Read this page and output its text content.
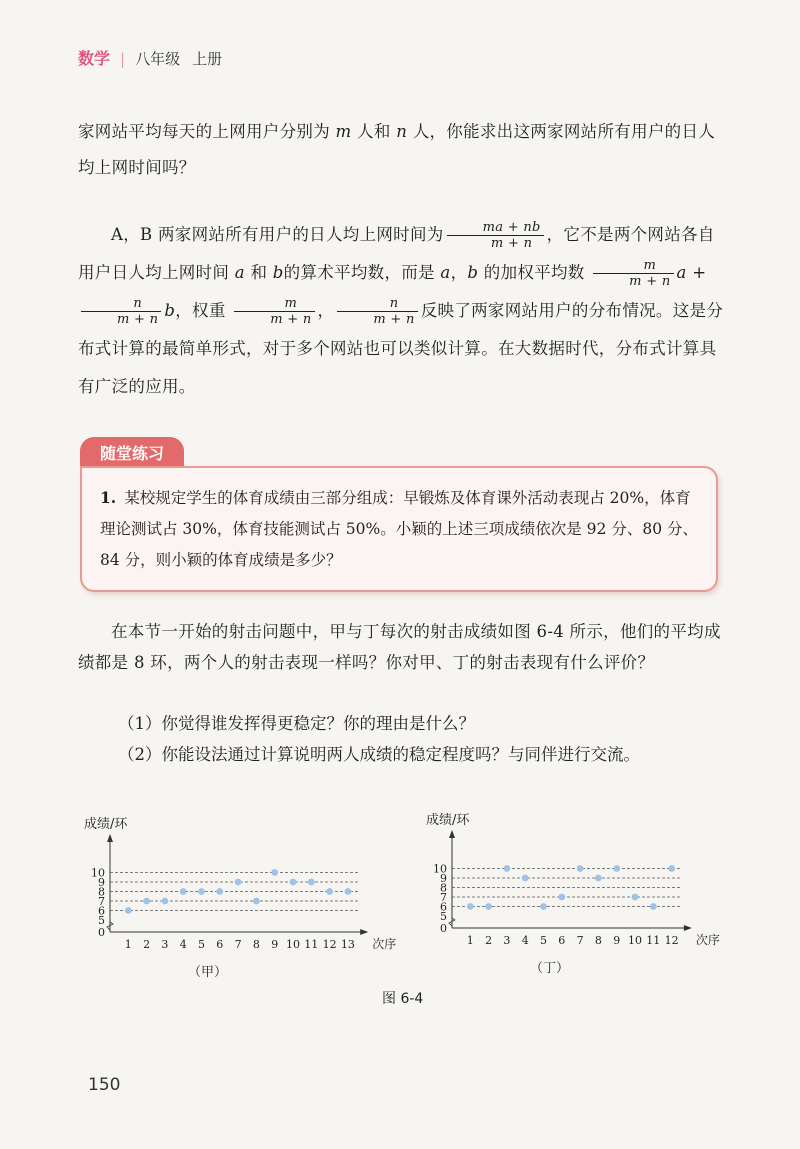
数学 | 八年级 上册
家网站平均每天的上网用户分别为 m 人和 n 人，你能求出这两家网站所有用户的日人均上网时间吗？
A，B 两家网站所有用户的日人均上网时间为 $\frac{ma + nb}{m + n}$ ，它不是两个网站各自用户日人均上网时间 a 和 b的算术平均数，而是 a，b 的加权平均数 $\frac{m}{m + n}$ a +
$\frac{n}{m + n}$ b，权重 $\frac{m}{m + n}$ ， $\frac{n}{m + n}$ 反映了两家网站用户的分布情况。这是分布式计算的最简单形式，对于多个网站也可以类似计算。在大数据时代，分布式计算具有广泛的应用。
随堂练习
1. 某校规定学生的体育成绩由三部分组成：早锻炼及体育课外活动表现占 20%，体育理论测试占 30%，体育技能测试占 50%。小颖的上述三项成绩依次是 92 分、80 分、84 分，则小颖的体育成绩是多少？
在本节一开始的射击问题中，甲与丁每次的射击成绩如图 6-4 所示，他们的平均成绩都是 8 环，两个人的射击表现一样吗？你对甲、丁的射击表现有什么评价？
（1）你觉得谁发挥得更稳定？你的理由是什么？
（2）你能设法通过计算说明两人成绩的稳定程度吗？与同伴进行交流。
成绩/环
0
5
6
7
8
9
10
1 2 3 4 5 6 7 8 9 10 11 12 13 次序
（甲）
成绩/环
0
5
6
7
8
9
10
1 2 3 4 5 6 7 8 9 10 11 12 次序
（丁）
图 6-4
150
